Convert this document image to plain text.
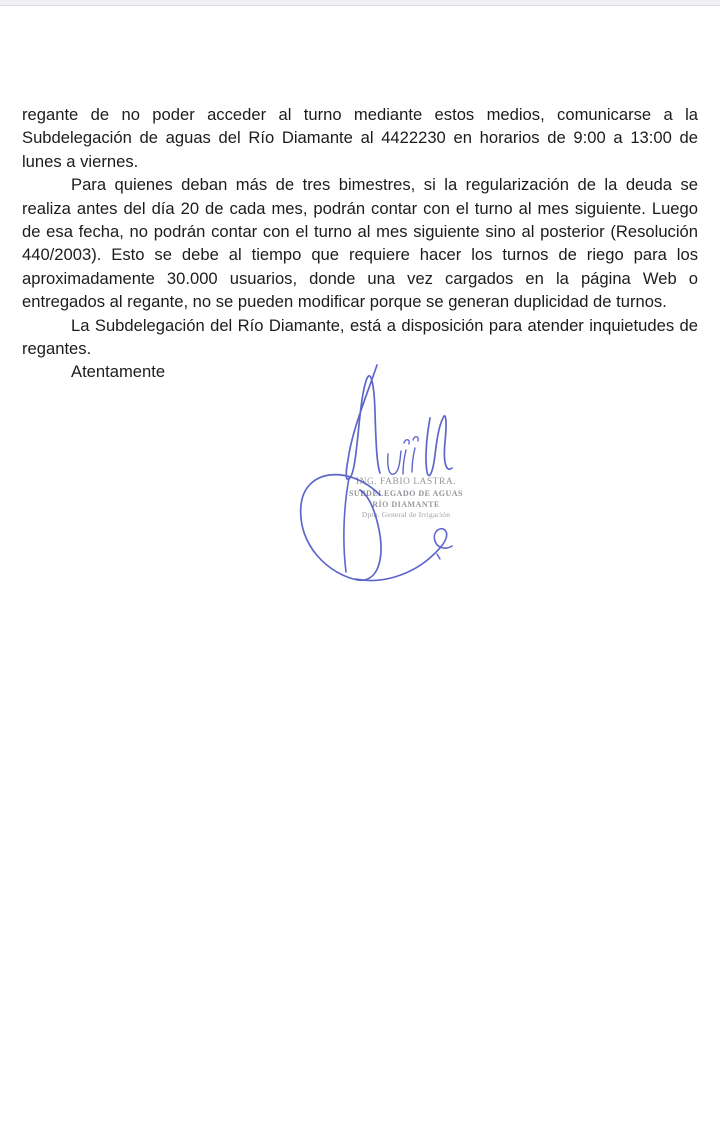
regante de no poder acceder al turno mediante estos medios, comunicarse a la Subdelegación de aguas del Río Diamante al 4422230 en horarios de 9:00 a 13:00 de lunes a viernes.

Para quienes deban más de tres bimestres, si la regularización de la deuda se realiza antes del día 20 de cada mes, podrán contar con el turno al mes siguiente. Luego de esa fecha, no podrán contar con el turno al mes siguiente sino al posterior (Resolución 440/2003). Esto se debe al tiempo que requiere hacer los turnos de riego para los aproximadamente 30.000 usuarios, donde una vez cargados en la página Web o entregados al regante, no se pueden modificar porque se generan duplicidad de turnos.

La Subdelegación del Río Diamante, está a disposición para atender inquietudes de regantes.

Atentamente

ING. FABIO LASTRA.
SUBDELEGADO DE AGUAS
RÍO DIAMANTE
Dpto. General de Irrigación
